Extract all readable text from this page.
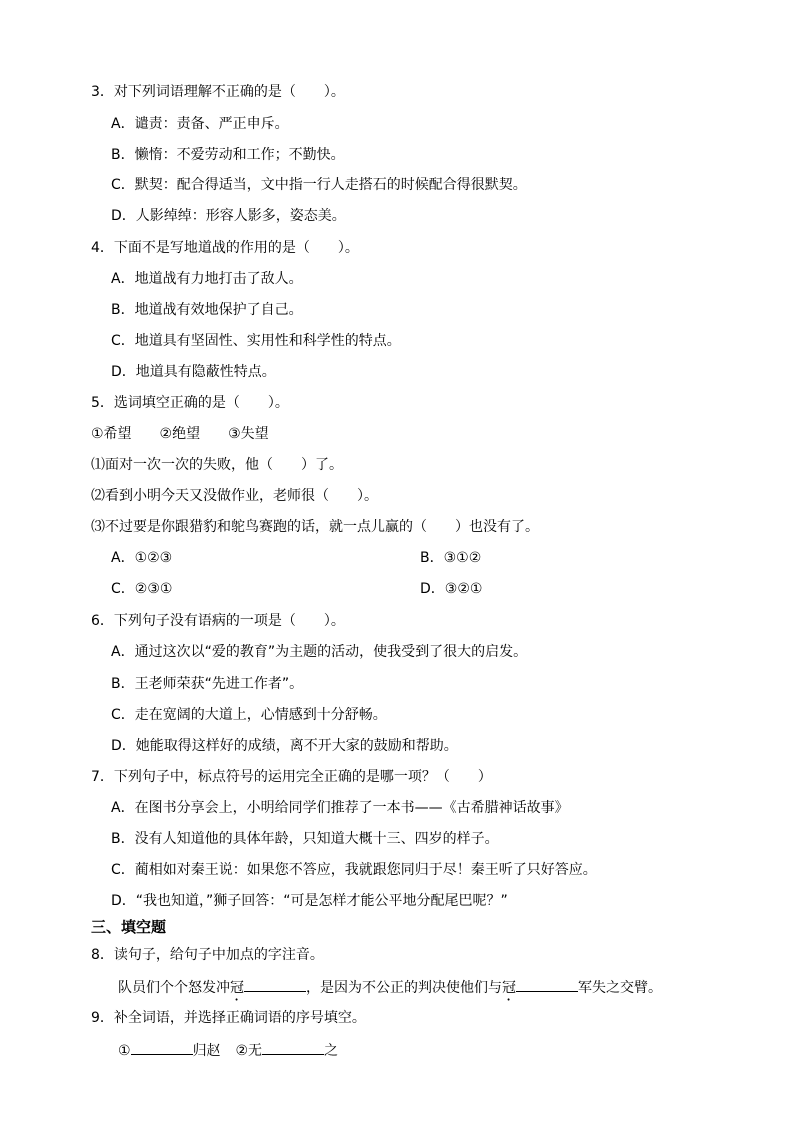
3．对下列词语理解不正确的是（　　）。
A．谴责：责备、严正申斥。
B．懒惰：不爱劳动和工作；不勤快。
C．默契：配合得适当，文中指一行人走搭石的时候配合得很默契。
D．人影绰绰：形容人影多，姿态美。
4．下面不是写地道战的作用的是（　　）。
A．地道战有力地打击了敌人。
B．地道战有效地保护了自己。
C．地道具有坚固性、实用性和科学性的特点。
D．地道具有隐蔽性特点。
5．选词填空正确的是（　　）。
①希望　　②绝望　　③失望
⑴面对一次一次的失败，他（　　）了。
⑵看到小明今天又没做作业，老师很（　　）。
⑶不过要是你跟猎豹和鸵鸟赛跑的话，就一点儿赢的（　　）也没有了。
A．①②③	B．③①②
C．②③①	D．③②①
6．下列句子没有语病的一项是（　　）。
A．通过这次以“爱的教育”为主题的活动，使我受到了很大的启发。
B．王老师荣获“先进工作者”。
C．走在宽阔的大道上，心情感到十分舒畅。
D．她能取得这样好的成绩，离不开大家的鼓励和帮助。
7．下列句子中，标点符号的运用完全正确的是哪一项？（　　）
A．在图书分享会上，小明给同学们推荐了一本书——《古希腊神话故事》
B．没有人知道他的具体年龄，只知道大概十三、四岁的样子。
C．蔺相如对秦王说：如果您不答应，我就跟您同归于尽！秦王听了只好答应。
D．“我也知道，”狮子回答：“可是怎样才能公平地分配尾巴呢？”
三、填空题
8．读句子，给句子中加点的字注音。
队员们个个怒发冲冠	，是因为不公正的判决使他们与冠	军失之交臂。
9．补全词语，并选择正确词语的序号填空。
①	归赵 ②无	之
